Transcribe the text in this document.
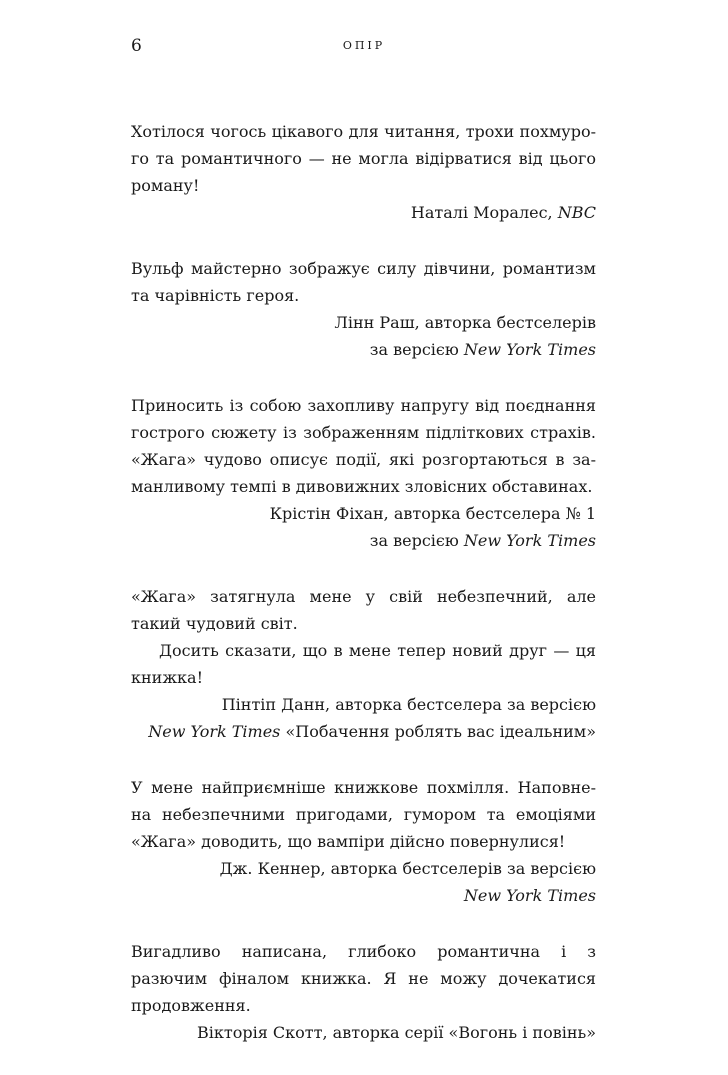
6	ОПІР

Хотілося чогось цікавого для читання, трохи похмуро- го та романтичного — не могла відірватися від цього роману!

Наталі Моралес, NBC

Вульф майстерно зображує силу дівчини, романтизм та чарівність героя.

Лінн Раш, авторка бестселерів
за версією New York Times

Приносить із собою захопливу напругу від поєднання гострого сюжету із зображенням підліткових страхів. «Жага» чудово описує події, які розгортаються в за- манливому темпі в дивовижних зловісних обставинах.

Крістін Фіхан, авторка бестселера № 1
за версією New York Times

«Жага» затягнула мене у свій небезпечний, але такий чудовий світ.

Досить сказати, що в мене тепер новий друг — ця книжка!

Пінтіп Данн, авторка бестселера за версією
New York Times «Побачення роблять вас ідеальним»

У мене найприємніше книжкове похмілля. Наповне- на небезпечними пригодами, гумором та емоціями «Жага» доводить, що вампіри дійсно повернулися!

Дж. Кеннер, авторка бестселерів за версією
New York Times

Вигадливо написана, глибоко романтична і з разючим фіналом книжка. Я не можу дочекатися продовження.

Вікторія Скотт, авторка серії «Вогонь і повінь»
